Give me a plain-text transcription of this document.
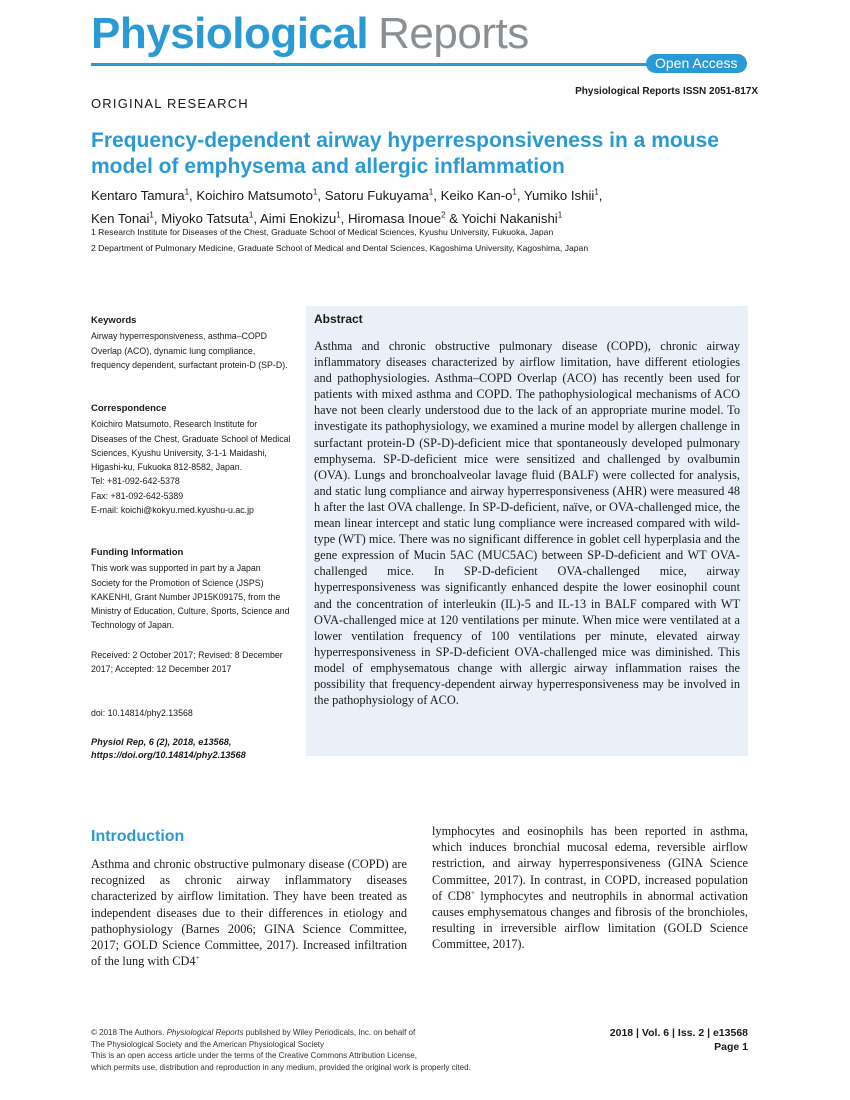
Physiological Reports
Open Access
Physiological Reports ISSN 2051-817X
ORIGINAL RESEARCH
Frequency-dependent airway hyperresponsiveness in a mouse model of emphysema and allergic inflammation
Kentaro Tamura$^1$, Koichiro Matsumoto$^1$, Satoru Fukuyama$^1$, Keiko Kan-$o^1$, Yumiko Ishii$^1$,
Ken Tonai$^1$, Miyoko Tatsuta$^1$, Aimi Enokizu$^1$, Hiromasa Inoue$^2$ & Yoichi Nakanishi$^1$
1 Research Institute for Diseases of the Chest, Graduate School of Medical Sciences, Kyushu University, Fukuoka, Japan
2 Department of Pulmonary Medicine, Graduate School of Medical and Dental Sciences, Kagoshima University, Kagoshima, Japan
Keywords

Airway hyperresponsiveness, asthma–COPD Overlap (ACO), dynamic lung compliance, frequency dependent, surfactant protein-D (SP-D).

Correspondence

Koichiro Matsumoto, Research Institute for Diseases of the Chest, Graduate School of Medical Sciences, Kyushu University, 3-1-1 Maidashi, Higashi-ku, Fukuoka 812-8582, Japan.

Tel: +81-092-642-5378

Fax: +81-092-642-5389

E-mail: koichi@kokyu.med.kyushu-u.ac.jp

Funding Information

This work was supported in part by a Japan Society for the Promotion of Science (JSPS) KAKENHI, Grant Number JP15K09175, from the Ministry of Education, Culture, Sports, Science and Technology of Japan.

Received: 2 October 2017; Revised: 8 December 2017; Accepted: 12 December 2017
doi: 10.14814/phy2.13568
Physiol Rep, 6 (2), 2018, e13568,
https://doi.org/10.14814/phy2.13568
Abstract
Asthma and chronic obstructive pulmonary disease (COPD), chronic airway inflammatory diseases characterized by airflow limitation, have different etiologies and pathophysiologies. Asthma–COPD Overlap (ACO) has recently been used for patients with mixed asthma and COPD. The pathophysiological mechanisms of ACO have not been clearly understood due to the lack of an appropriate murine model. To investigate its pathophysiology, we examined a murine model by allergen challenge in surfactant protein-D (SP-D)-deficient mice that spontaneously developed pulmonary emphysema. SP-D-deficient mice were sensitized and challenged by ovalbumin (OVA). Lungs and bronchoalveolar lavage fluid (BALF) were collected for analysis, and static lung compliance and airway hyperresponsiveness (AHR) were measured 48 h after the last OVA challenge. In SP-D-deficient, naïve, or OVA-challenged mice, the mean linear intercept and static lung compliance were increased compared with wild-type (WT) mice. There was no significant difference in goblet cell hyperplasia and the gene expression of Mucin 5AC (MUC5AC) between SP-D-deficient and WT OVA-challenged mice. In SP-D-deficient OVA-challenged mice, airway hyperresponsiveness was significantly enhanced despite the lower eosinophil count and the concentration of interleukin (IL)-5 and IL-13 in BALF compared with WT OVA-challenged mice at 120 ventilations per minute. When mice were ventilated at a lower ventilation frequency of 100 ventilations per minute, elevated airway hyperresponsiveness in SP-D-deficient OVA-challenged mice was diminished. This model of emphysematous change with allergic airway inflammation raises the possibility that frequency-dependent airway hyperresponsiveness may be involved in the pathophysiology of ACO.
Introduction
Asthma and chronic obstructive pulmonary disease (COPD) are recognized as chronic airway inflammatory diseases characterized by airflow limitation. They have been treated as independent diseases due to their differences in etiology and pathophysiology (Barnes 2006; GINA Science Committee, 2017; GOLD Science Committee, 2017). Increased infiltration of the lung with CD4+
lymphocytes and eosinophils has been reported in asthma, which induces bronchial mucosal edema, reversible airflow restriction, and airway hyperresponsiveness (GINA Science Committee, 2017). In contrast, in COPD, increased population of CD8+ lymphocytes and neutrophils in abnormal activation causes emphysematous changes and fibrosis of the bronchioles, resulting in irreversible airflow limitation (GOLD Science Committee, 2017).
© 2018 The Authors. Physiological Reports published by Wiley Periodicals, Inc. on behalf of
The Physiological Society and the American Physiological Society
This is an open access article under the terms of the Creative Commons Attribution License,
which permits use, distribution and reproduction in any medium, provided the original work is properly cited.
2018 | Vol. 6 | Iss. 2 | e13568
Page 1
